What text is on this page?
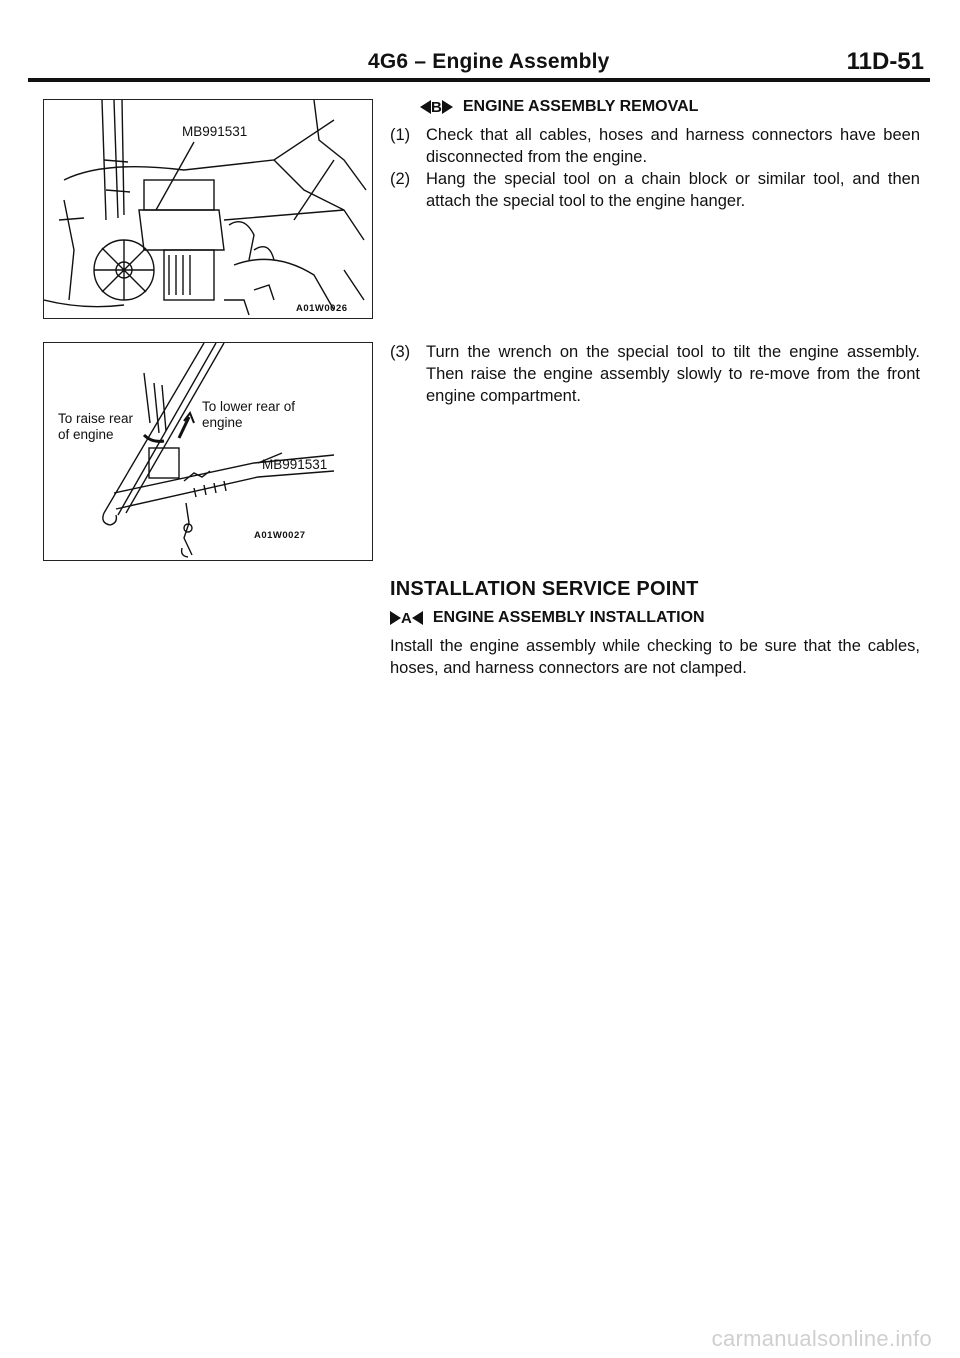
4G6 – Engine Assembly	11D-51
MB991531
A01W0026
To raise rear
of engine
To lower rear of
engine
MB991531
A01W0027
B ENGINE ASSEMBLY REMOVAL
(1) Check that all cables, hoses and harness connectors have been disconnected from the engine.
(2) Hang the special tool on a chain block or similar tool, and then attach the special tool to the engine hanger.
(3) Turn the wrench on the special tool to tilt the engine assembly. Then raise the engine assembly slowly to re-move from the front engine compartment.
INSTALLATION SERVICE POINT
A ENGINE ASSEMBLY INSTALLATION
Install the engine assembly while checking to be sure that the cables, hoses, and harness connectors are not clamped.
carmanualsonline.info
